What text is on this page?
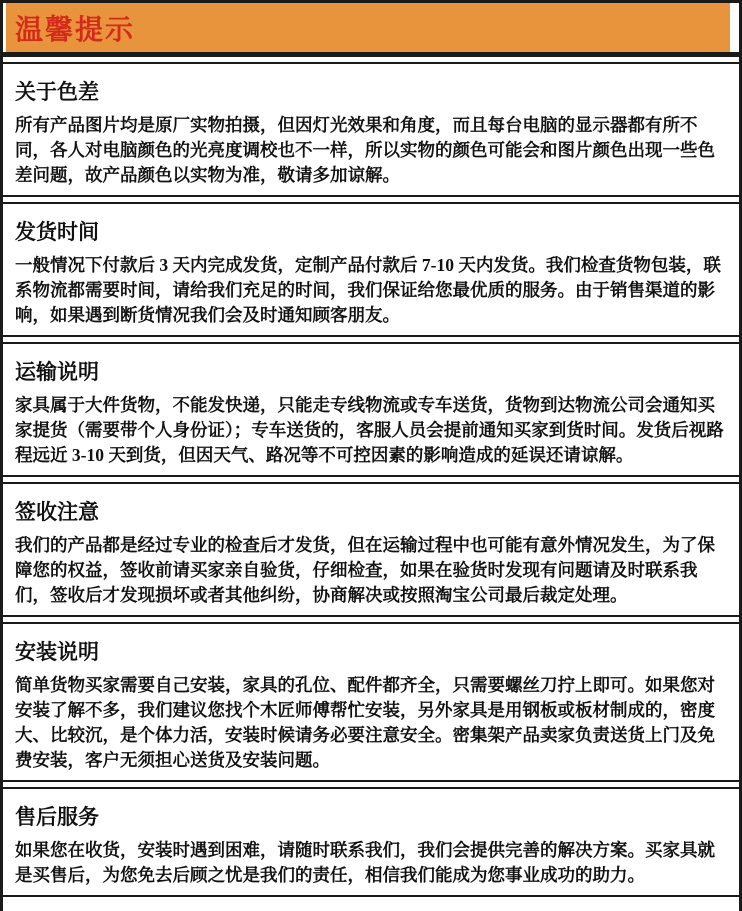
温馨提示
关于色差

所有产品图片均是原厂实物拍摄，但因灯光效果和角度，而且每台电脑的显示器都有所不同，各人对电脑颜色的光亮度调校也不一样，所以实物的颜色可能会和图片颜色出现一些色差问题，故产品颜色以实物为准，敬请多加谅解。

发货时间

一般情况下付款后 3 天内完成发货，定制产品付款后 7-10 天内发货。我们检查货物包装，联系物流都需要时间，请给我们充足的时间，我们保证给您最优质的服务。由于销售渠道的影响，如果遇到断货情况我们会及时通知顾客朋友。

运输说明

家具属于大件货物，不能发快递，只能走专线物流或专车送货，货物到达物流公司会通知买家提货（需要带个人身份证）；专车送货的，客服人员会提前通知买家到货时间。发货后视路程远近 3-10 天到货，但因天气、路况等不可控因素的影响造成的延误还请谅解。

签收注意

我们的产品都是经过专业的检查后才发货，但在运输过程中也可能有意外情况发生，为了保障您的权益，签收前请买家亲自验货，仔细检查，如果在验货时发现有问题请及时联系我们，签收后才发现损坏或者其他纠纷，协商解决或按照淘宝公司最后裁定处理。

安装说明

简单货物买家需要自己安装，家具的孔位、配件都齐全，只需要螺丝刀拧上即可。如果您对安装了解不多，我们建议您找个木匠师傅帮忙安装，另外家具是用钢板或板材制成的，密度大、比较沉，是个体力活，安装时候请务必要注意安全。密集架产品卖家负责送货上门及免费安装，客户无须担心送货及安装问题。

售后服务

如果您在收货，安装时遇到困难，请随时联系我们，我们会提供完善的解决方案。买家具就是买售后，为您免去后顾之忧是我们的责任，相信我们能成为您事业成功的助力。
